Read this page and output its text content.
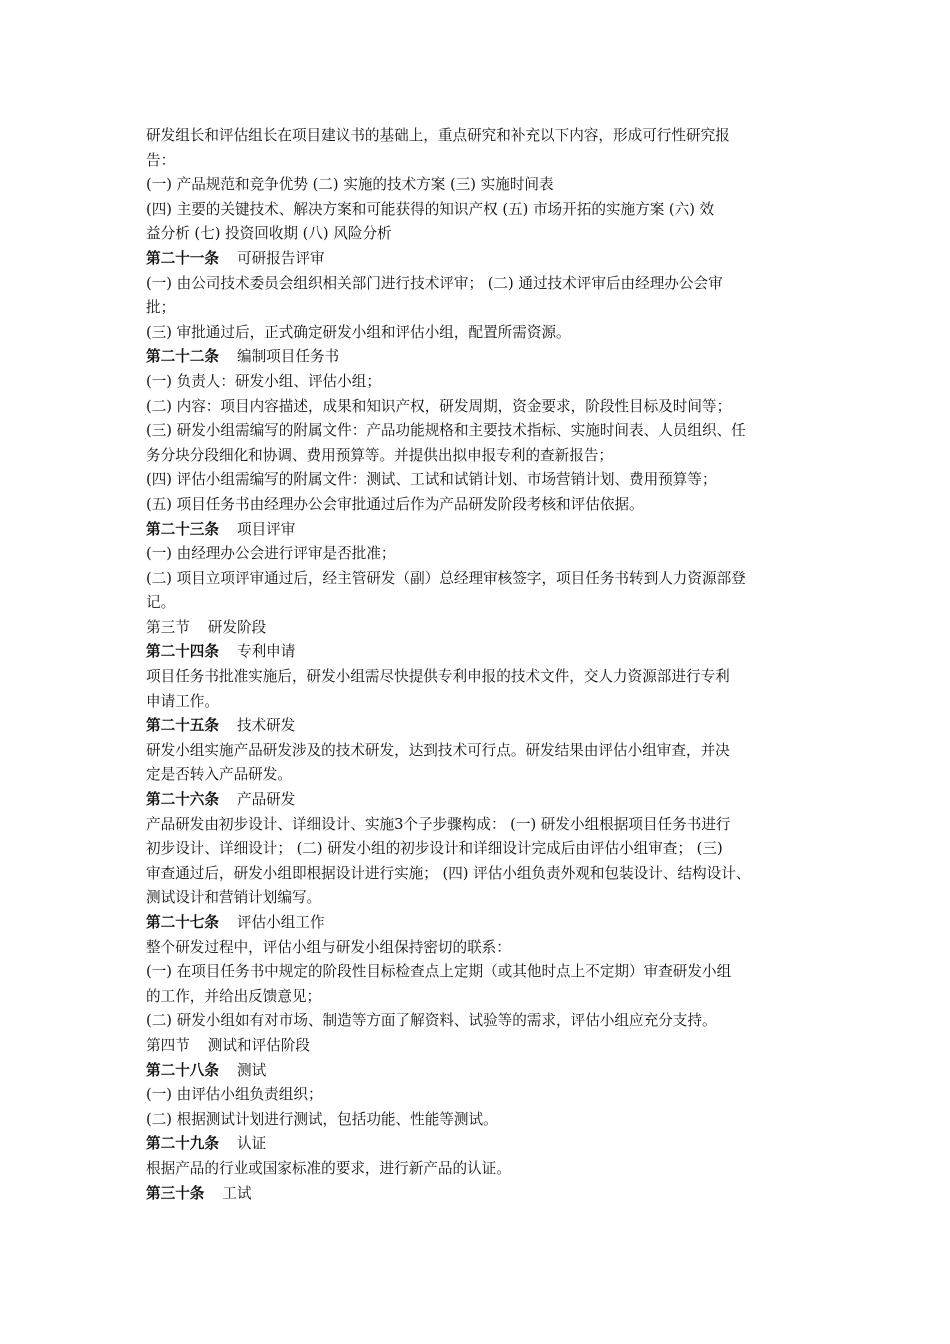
研发组长和评估组长在项目建议书的基础上，重点研究和补充以下内容，形成可行性研究报
告：
(一) 产品规范和竞争优势 (二) 实施的技术方案 (三) 实施时间表
(四) 主要的关键技术、解决方案和可能获得的知识产权 (五) 市场开拓的实施方案 (六) 效
益分析 (七) 投资回收期 (八) 风险分析
第二十一条 可研报告评审
(一) 由公司技术委员会组织相关部门进行技术评审； (二) 通过技术评审后由经理办公会审
批；
(三) 审批通过后，正式确定研发小组和评估小组，配置所需资源。
第二十二条 编制项目任务书
(一) 负责人：研发小组、评估小组；
(二) 内容：项目内容描述，成果和知识产权，研发周期，资金要求，阶段性目标及时间等；
(三) 研发小组需编写的附属文件：产品功能规格和主要技术指标、实施时间表、人员组织、任
务分块分段细化和协调、费用预算等。并提供出拟申报专利的查新报告；
(四) 评估小组需编写的附属文件：测试、工试和试销计划、市场营销计划、费用预算等；
(五) 项目任务书由经理办公会审批通过后作为产品研发阶段考核和评估依据。
第二十三条 项目评审
(一) 由经理办公会进行评审是否批准；
(二) 项目立项评审通过后，经主管研发（副）总经理审核签字，项目任务书转到人力资源部登
记。
第三节 研发阶段
第二十四条 专利申请
项目任务书批准实施后，研发小组需尽快提供专利申报的技术文件，交人力资源部进行专利
申请工作。
第二十五条 技术研发
研发小组实施产品研发涉及的技术研发，达到技术可行点。研发结果由评估小组审查，并决
定是否转入产品研发。
第二十六条 产品研发
产品研发由初步设计、详细设计、实施3个子步骤构成： (一) 研发小组根据项目任务书进行
初步设计、详细设计； (二) 研发小组的初步设计和详细设计完成后由评估小组审查； (三)
审查通过后，研发小组即根据设计进行实施； (四) 评估小组负责外观和包装设计、结构设计、
测试设计和营销计划编写。
第二十七条 评估小组工作
整个研发过程中，评估小组与研发小组保持密切的联系：
(一) 在项目任务书中规定的阶段性目标检查点上定期（或其他时点上不定期）审查研发小组
的工作，并给出反馈意见；
(二) 研发小组如有对市场、制造等方面了解资料、试验等的需求，评估小组应充分支持。
第四节 测试和评估阶段
第二十八条 测试
(一) 由评估小组负责组织；
(二) 根据测试计划进行测试，包括功能、性能等测试。
第二十九条 认证
根据产品的行业或国家标准的要求，进行新产品的认证。
第三十条 工试
